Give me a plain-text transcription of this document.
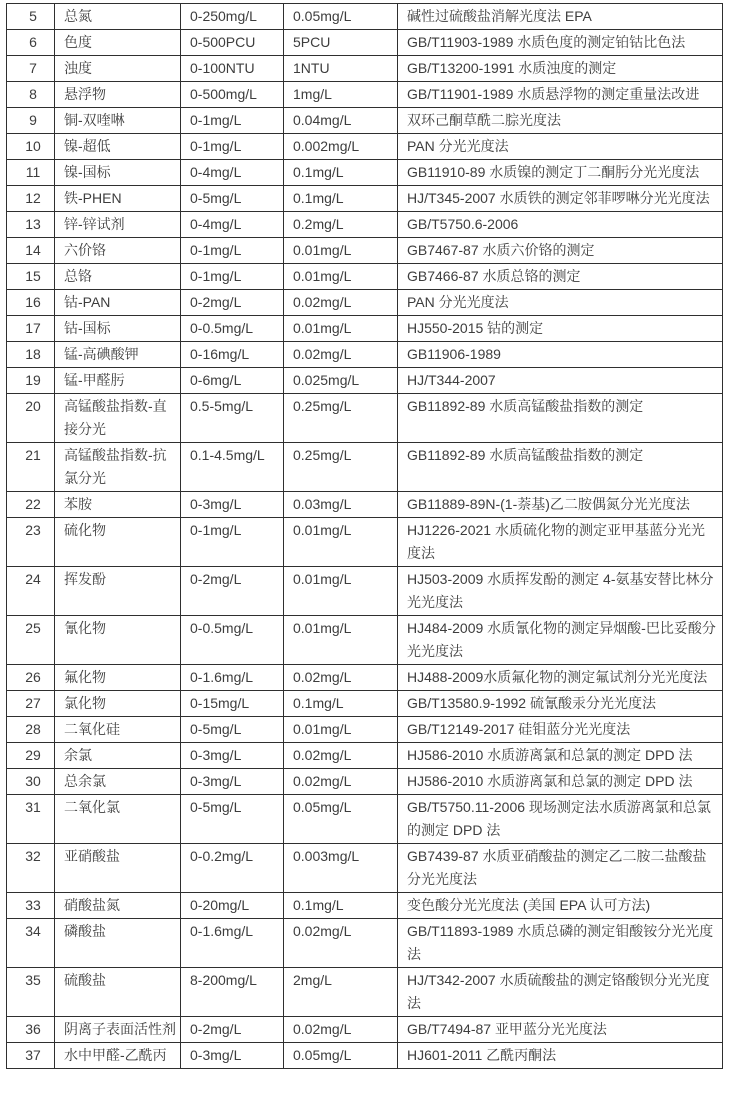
5	总氮	0-250mg/L	0.05mg/L	碱性过硫酸盐消解光度法 EPA
6	色度	0-500PCU	5PCU	GB/T11903-1989 水质色度的测定铂钴比色法
7	浊度	0-100NTU	1NTU	GB/T13200-1991 水质浊度的测定
8	悬浮物	0-500mg/L	1mg/L	GB/T11901-1989 水质悬浮物的测定重量法改进
9	铜-双喹啉	0-1mg/L	0.04mg/L	双环己酮草酰二腙光度法
10	镍-超低	0-1mg/L	0.002mg/L	PAN 分光光度法
11	镍-国标	0-4mg/L	0.1mg/L	GB11910-89 水质镍的测定丁二酮肟分光光度法
12	铁-PHEN	0-5mg/L	0.1mg/L	HJ/T345-2007 水质铁的测定邻菲啰啉分光光度法
13	锌-锌试剂	0-4mg/L	0.2mg/L	GB/T5750.6-2006
14	六价铬	0-1mg/L	0.01mg/L	GB7467-87 水质六价铬的测定
15	总铬	0-1mg/L	0.01mg/L	GB7466-87 水质总铬的测定
16	钴-PAN	0-2mg/L	0.02mg/L	PAN 分光光度法
17	钴-国标	0-0.5mg/L	0.01mg/L	HJ550-2015 钴的测定
18	锰-高碘酸钾	0-16mg/L	0.02mg/L	GB11906-1989
19	锰-甲醛肟	0-6mg/L	0.025mg/L	HJ/T344-2007
20	高锰酸盐指数-直接分光	0.5-5mg/L	0.25mg/L	GB11892-89 水质高锰酸盐指数的测定
21	高锰酸盐指数-抗氯分光	0.1-4.5mg/L	0.25mg/L	GB11892-89 水质高锰酸盐指数的测定
22	苯胺	0-3mg/L	0.03mg/L	GB11889-89N-(1-萘基)乙二胺偶氮分光光度法
23	硫化物	0-1mg/L	0.01mg/L	HJ1226-2021 水质硫化物的测定亚甲基蓝分光光度法
24	挥发酚	0-2mg/L	0.01mg/L	HJ503-2009 水质挥发酚的测定 4-氨基安替比林分光光度法
25	氰化物	0-0.5mg/L	0.01mg/L	HJ484-2009 水质氰化物的测定异烟酸-巴比妥酸分光光度法
26	氟化物	0-1.6mg/L	0.02mg/L	HJ488-2009水质氟化物的测定氟试剂分光光度法
27	氯化物	0-15mg/L	0.1mg/L	GB/T13580.9-1992 硫氰酸汞分光光度法
28	二氧化硅	0-5mg/L	0.01mg/L	GB/T12149-2017 硅钼蓝分光光度法
29	余氯	0-3mg/L	0.02mg/L	HJ586-2010 水质游离氯和总氯的测定 DPD 法
30	总余氯	0-3mg/L	0.02mg/L	HJ586-2010 水质游离氯和总氯的测定 DPD 法
31	二氧化氯	0-5mg/L	0.05mg/L	GB/T5750.11-2006 现场测定法水质游离氯和总氯的测定 DPD 法
32	亚硝酸盐	0-0.2mg/L	0.003mg/L	GB7439-87 水质亚硝酸盐的测定乙二胺二盐酸盐分光光度法
33	硝酸盐氮	0-20mg/L	0.1mg/L	变色酸分光光度法 (美国 EPA 认可方法)
34	磷酸盐	0-1.6mg/L	0.02mg/L	GB/T11893-1989 水质总磷的测定钼酸铵分光光度法
35	硫酸盐	8-200mg/L	2mg/L	HJ/T342-2007 水质硫酸盐的测定铬酸钡分光光度法
36	阴离子表面活性剂	0-2mg/L	0.02mg/L	GB/T7494-87 亚甲蓝分光光度法
37	水中甲醛-乙酰丙	0-3mg/L	0.05mg/L	HJ601-2011 乙酰丙酮法
